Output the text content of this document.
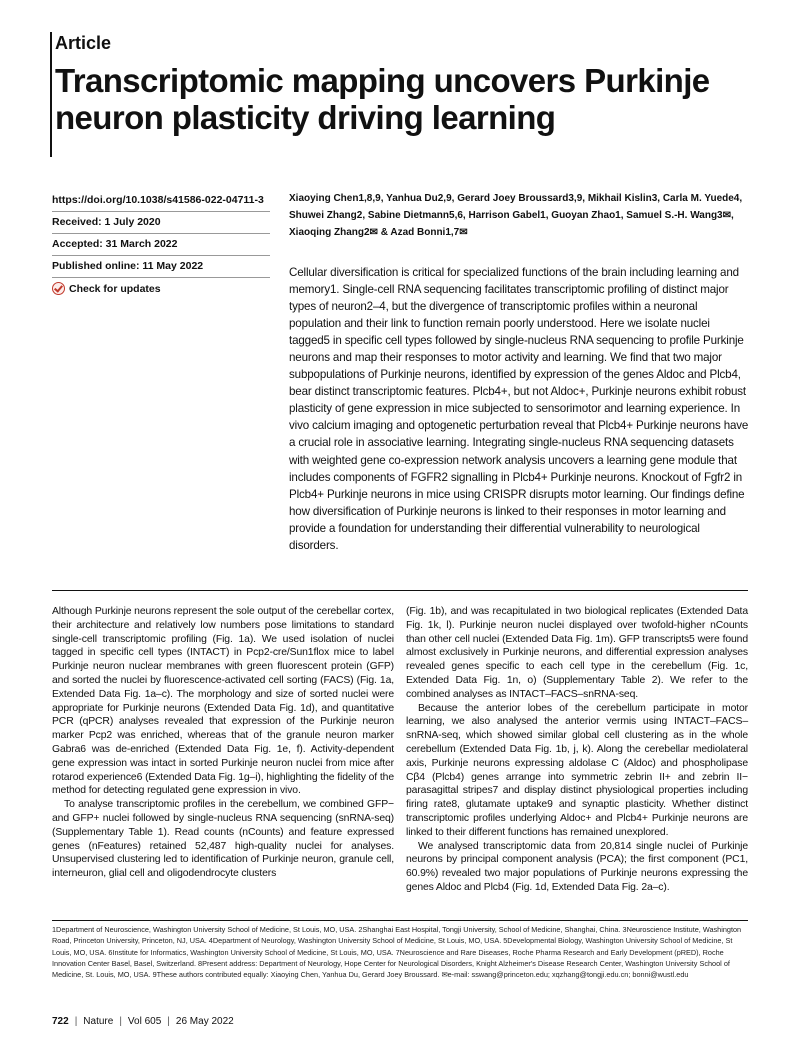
Article
Transcriptomic mapping uncovers Purkinje neuron plasticity driving learning
https://doi.org/10.1038/s41586-022-04711-3
Received: 1 July 2020
Accepted: 31 March 2022
Published online: 11 May 2022
Check for updates

Xiaoying Chen1,8,9, Yanhua Du2,9, Gerard Joey Broussard3,9, Mikhail Kislin3, Carla M. Yuede4, Shuwei Zhang2, Sabine Dietmann5,6, Harrison Gabel1, Guoyan Zhao1, Samuel S.-H. Wang3✉, Xiaoqing Zhang2✉ & Azad Bonni1,7✉

Cellular diversification is critical for specialized functions of the brain including learning and memory1. Single-cell RNA sequencing facilitates transcriptomic profiling of distinct major types of neuron2–4, but the divergence of transcriptomic profiles within a neuronal population and their link to function remain poorly understood. Here we isolate nuclei tagged5 in specific cell types followed by single-nucleus RNA sequencing to profile Purkinje neurons and map their responses to motor activity and learning. We find that two major subpopulations of Purkinje neurons, identified by expression of the genes Aldoc and Plcb4, bear distinct transcriptomic features. Plcb4+, but not Aldoc+, Purkinje neurons exhibit robust plasticity of gene expression in mice subjected to sensorimotor and learning experience. In vivo calcium imaging and optogenetic perturbation reveal that Plcb4+ Purkinje neurons have a crucial role in associative learning. Integrating single-nucleus RNA sequencing datasets with weighted gene co-expression network analysis uncovers a learning gene module that includes components of FGFR2 signalling in Plcb4+ Purkinje neurons. Knockout of Fgfr2 in Plcb4+ Purkinje neurons in mice using CRISPR disrupts motor learning. Our findings define how diversification of Purkinje neurons is linked to their responses in motor learning and provide a foundation for understanding their differential vulnerability to neurological disorders.

Although Purkinje neurons represent the sole output of the cerebellar cortex, their architecture and relatively low numbers pose limitations to standard single-cell transcriptomic profiling (Fig. 1a). We used isolation of nuclei tagged in specific cell types (INTACT) in Pcp2-cre/Sun1flox mice to label Purkinje neuron nuclear membranes with green fluorescent protein (GFP) and sorted the nuclei by fluorescence-activated cell sorting (FACS) (Fig. 1a, Extended Data Fig. 1a–c). The morphology and size of sorted nuclei were appropriate for Purkinje neurons (Extended Data Fig. 1d), and quantitative PCR (qPCR) analyses revealed that expression of the Purkinje neuron marker Pcp2 was enriched, whereas that of the granule neuron marker Gabra6 was de-enriched (Extended Data Fig. 1e, f). Activity-dependent gene expression was intact in sorted Purkinje neuron nuclei from mice after rotarod experience6 (Extended Data Fig. 1g–i), highlighting the fidelity of the method for detecting regulated gene expression in vivo.

To analyse transcriptomic profiles in the cerebellum, we combined GFP− and GFP+ nuclei followed by single-nucleus RNA sequencing (snRNA-seq) (Supplementary Table 1). Read counts (nCounts) and feature expressed genes (nFeatures) retained 52,487 high-quality nuclei for analyses. Unsupervised clustering led to identification of Purkinje neuron, granule cell, interneuron, glial cell and oligodendrocyte clusters

(Fig. 1b), and was recapitulated in two biological replicates (Extended Data Fig. 1k, l). Purkinje neuron nuclei displayed over twofold-higher nCounts than other cell nuclei (Extended Data Fig. 1m). GFP transcripts5 were found almost exclusively in Purkinje neurons, and differential expression analyses revealed genes specific to each cell type in the cerebellum (Fig. 1c, Extended Data Fig. 1n, o) (Supplementary Table 2). We refer to the combined analyses as INTACT–FACS–snRNA-seq.

Because the anterior lobes of the cerebellum participate in motor learning, we also analysed the anterior vermis using INTACT–FACS–snRNA-seq, which showed similar global cell clustering as in the whole cerebellum (Extended Data Fig. 1b, j, k). Along the cerebellar mediolateral axis, Purkinje neurons expressing aldolase C (Aldoc) and phospholipase Cβ4 (Plcb4) genes arrange into symmetric zebrin II+ and zebrin II− parasagittal stripes7 and display distinct physiological properties including firing rate8, glutamate uptake9 and synaptic plasticity. Whether distinct transcriptomic profiles underlying Aldoc+ and Plcb4+ Purkinje neurons are linked to their different functions has remained unexplored.

We analysed transcriptomic data from 20,814 single nuclei of Purkinje neurons by principal component analysis (PCA); the first component (PC1, 60.9%) revealed two major populations of Purkinje neurons expressing the genes Aldoc and Plcb4 (Fig. 1d, Extended Data Fig. 2a–c).

1Department of Neuroscience, Washington University School of Medicine, St Louis, MO, USA. 2Shanghai East Hospital, Tongji University, School of Medicine, Shanghai, China. 3Neuroscience Institute, Washington Road, Princeton University, Princeton, NJ, USA. 4Department of Neurology, Washington University School of Medicine, St Louis, MO, USA. 5Developmental Biology, Washington University School of Medicine, St Louis, MO, USA. 6Institute for Informatics, Washington University School of Medicine, St Louis, MO, USA. 7Neuroscience and Rare Diseases, Roche Pharma Research and Early Development (pRED), Roche Innovation Center Basel, Basel, Switzerland. 8Present address: Department of Neurology, Hope Center for Neurological Disorders, Knight Alzheimer's Disease Research Center, Washington University School of Medicine, St. Louis, MO, USA. 9These authors contributed equally: Xiaoying Chen, Yanhua Du, Gerard Joey Broussard. ✉e-mail: sswang@princeton.edu; xqzhang@tongji.edu.cn; bonni@wustl.edu

722 | Nature | Vol 605 | 26 May 2022
